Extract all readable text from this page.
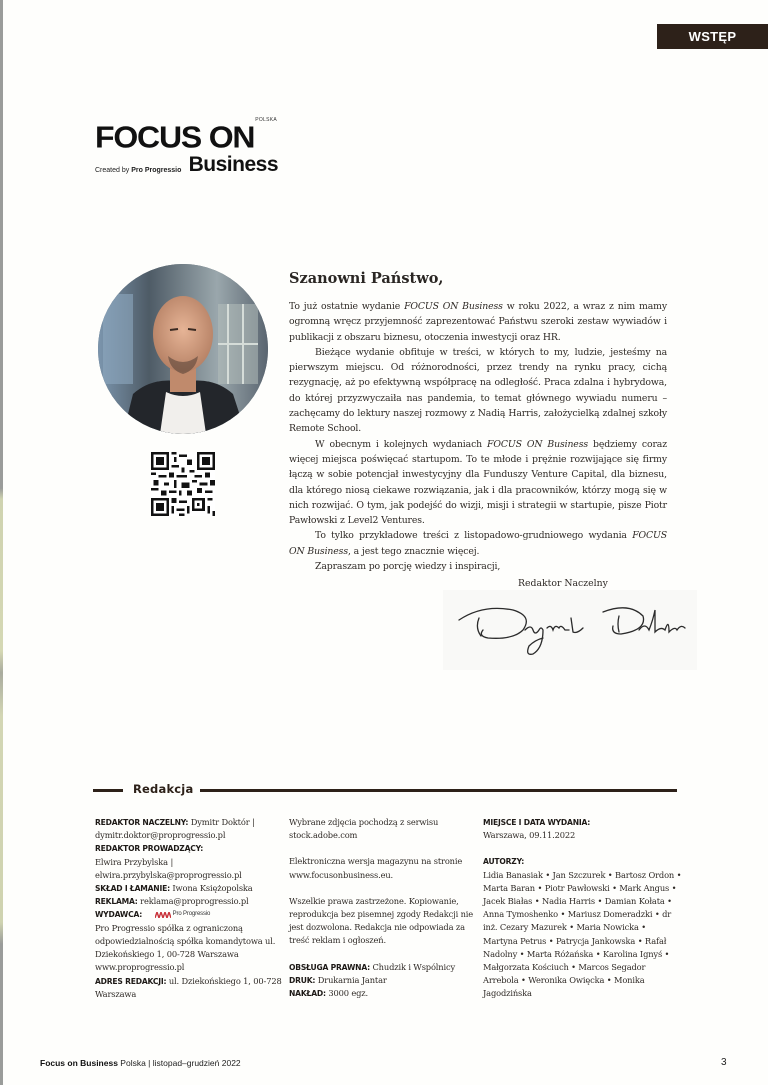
WSTĘP
POLSKA
FOCUS ON
Created by Pro Progressio Business
Szanowni Państwo,

To już ostatnie wydanie FOCUS ON Business w roku 2022, a wraz z nim mamy ogromną wręcz przyjemność zaprezentować Państwu szeroki zestaw wywiadów i publikacji z obszaru biznesu, otoczenia inwestycji oraz HR.

Bieżące wydanie obfituje w treści, w których to my, ludzie, jesteśmy na pierwszym miejscu. Od różnorodności, przez trendy na rynku pracy, cichą rezygnację, aż po efektywną współpracę na odległość. Praca zdalna i hybrydowa, do której przyzwyczaiła nas pandemia, to temat głównego wywiadu numeru – zachęcamy do lektury naszej rozmowy z Nadią Harris, założycielką zdalnej szkoły Remote School.

W obecnym i kolejnych wydaniach FOCUS ON Business będziemy coraz więcej miejsca poświęcać startupom. To te młode i prężnie rozwijające się firmy łączą w sobie potencjał inwestycyjny dla Funduszy Venture Capital, dla biznesu, dla którego niosą ciekawe rozwiązania, jak i dla pracowników, którzy mogą się w nich rozwijać. O tym, jak podejść do wizji, misji i strategii w startupie, pisze Piotr Pawłowski z Level2 Ventures.

To tylko przykładowe treści z listopadowo-grudniowego wydania FOCUS ON Business, a jest tego znacznie więcej.

Zapraszam po porcję wiedzy i inspiracji,

Redaktor Naczelny
Redakcja
REDAKTOR NACZELNY: Dymitr Doktór | dymitr.doktor@proprogressio.pl
REDAKTOR PROWADZĄCY:
Elwira Przybylska | elwira.przybylska@proprogressio.pl
SKŁAD I ŁAMANIE: Iwona Księżopolska
REKLAMA: reklama@proprogressio.pl
WYDAWCA:	Pro Progressio

Pro Progressio spółka z ograniczoną odpowiedzialnością spółka komandytowa ul. Dziekońskiego 1, 00-728 Warszawa www.proprogressio.pl
ADRES REDAKCJI: ul. Dziekońskiego 1, 00-728 Warszawa
Wybrane zdjęcia pochodzą z serwisu stock.adobe.com
Elektroniczna wersja magazynu na stronie www.focusonbusiness.eu.
Wszelkie prawa zastrzeżone. Kopiowanie, reprodukcja bez pisemnej zgody Redakcji nie jest dozwolona. Redakcja nie odpowiada za treść reklam i ogłoszeń.
OBSŁUGA PRAWNA: Chudzik i Wspólnicy
DRUK: Drukarnia Jantar
NAKŁAD: 3000 egz.
MIEJSCE I DATA WYDANIA:
Warszawa, 09.11.2022
AUTORZY:
Lidia Banasiak • Jan Szczurek • Bartosz Ordon • Marta Baran • Piotr Pawłowski • Mark Angus • Jacek Białas • Nadia Harris • Damian Kołata • Anna Tymoshenko • Mariusz Domeradzki • dr inż. Cezary Mazurek • Maria Nowicka • Martyna Petrus • Patrycja Jankowska • Rafał Nadolny • Marta Różańska • Karolina Ignyś • Małgorzata Kościuch • Marcos Segador Arrebola • Weronika Owięcka • Monika Jagodzińska
Focus on Business Polska | listopad–grudzień 2022	3
